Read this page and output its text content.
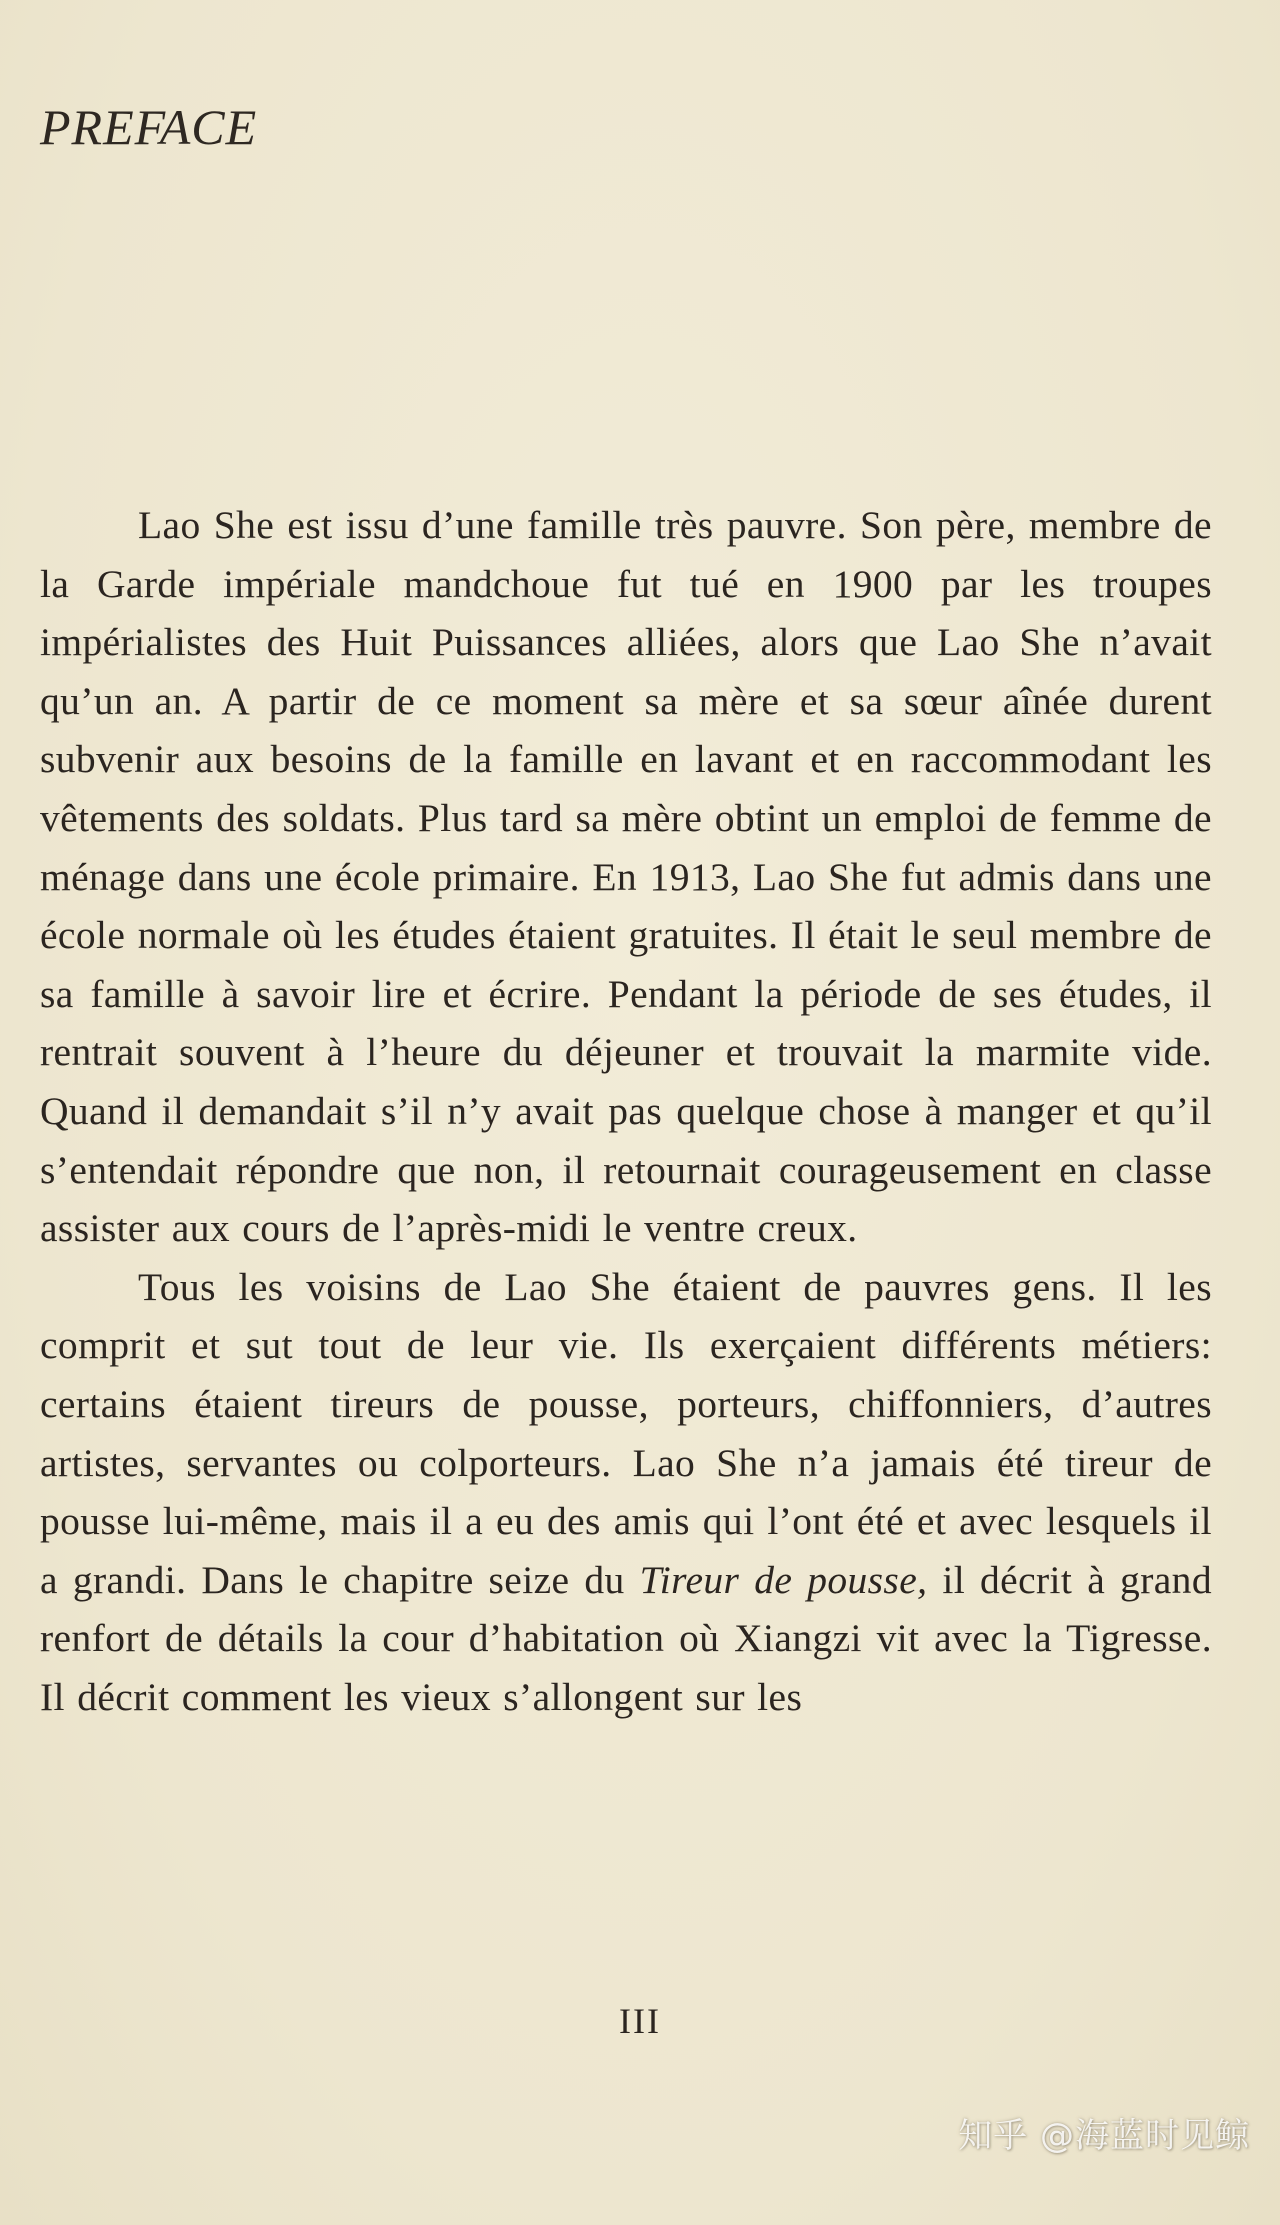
PREFACE

Lao She est issu d’une famille très pauvre. Son père, membre de la Garde impériale mandchoue fut tué en 1900 par les troupes impérialistes des Huit Puissances alliées, alors que Lao She n’avait qu’un an. A partir de ce moment sa mère et sa sœur aînée durent subvenir aux besoins de la famille en lavant et en raccommodant les vêtements des soldats. Plus tard sa mère obtint un emploi de femme de ménage dans une école primaire. En 1913, Lao She fut admis dans une école normale où les études étaient gratuites. Il était le seul membre de sa famille à savoir lire et écrire. Pendant la période de ses études, il rentrait souvent à l’heure du déjeuner et trouvait la marmite vide. Quand il demandait s’il n’y avait pas quelque chose à manger et qu’il s’entendait répondre que non, il retournait courageusement en classe assister aux cours de l’après-midi le ventre creux.

Tous les voisins de Lao She étaient de pauvres gens. Il les comprit et sut tout de leur vie. Ils exerçaient différents métiers: certains étaient tireurs de pousse, porteurs, chiffonniers, d’autres artistes, servantes ou colporteurs. Lao She n’a jamais été tireur de pousse lui-même, mais il a eu des amis qui l’ont été et avec lesquels il a grandi. Dans le chapitre seize du Tireur de pousse, il décrit à grand renfort de détails la cour d’habitation où Xiangzi vit avec la Tigresse. Il décrit comment les vieux s’allongent sur les

III
知乎 @海蓝时见鲸
